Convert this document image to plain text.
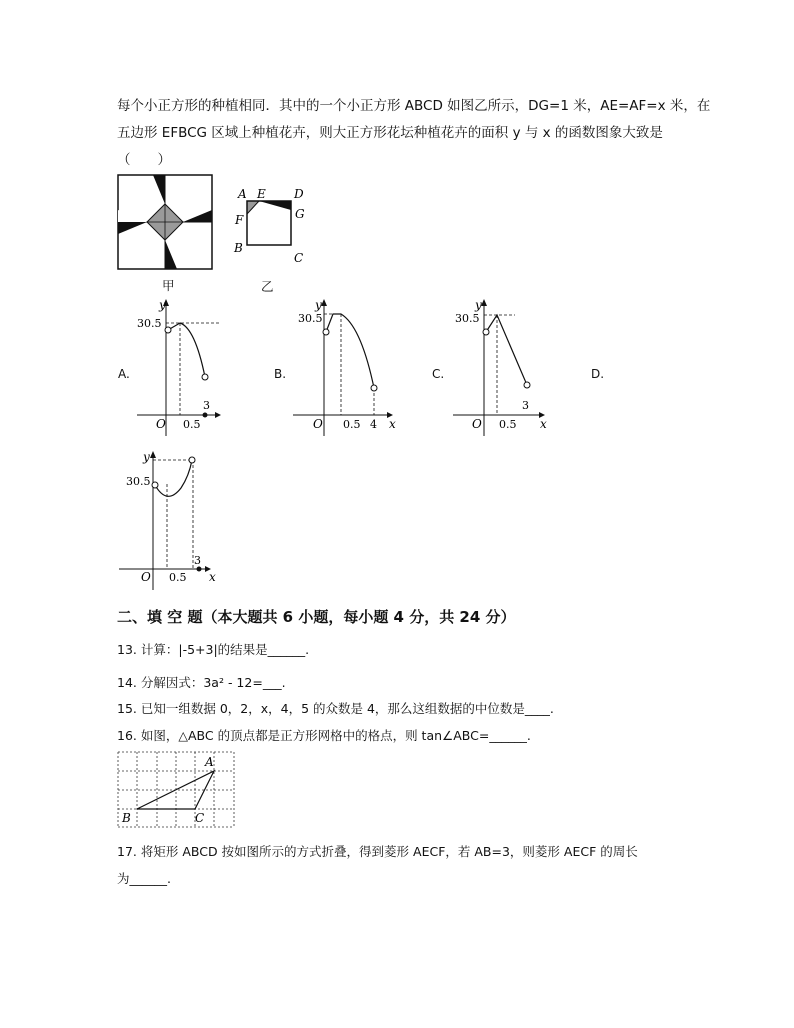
每个小正方形的种植相同．其中的一个小正方形 ABCD 如图乙所示，DG=1 米，AE=AF=x 米，在
五边形 EFBCG 区域上种植花卉，则大正方形花坛种植花卉的面积 y 与 x 的函数图象大致是
（　　）
甲
A E D
F	G
B
C
乙
A.	B.	C.	D.
y
30.5
O 0.5
3
y
30.5
O 0.5 4 x
y
30.5
O 0.5
3
x
y
30.5
O 0.5
3
x
二、填 空 题（本大题共 6 小题，每小题 4 分，共 24 分）
13. 计算：|-5+3|的结果是______.
14. 分解因式：3a² - 12=___.
15. 已知一组数据 0，2，x，4，5 的众数是 4，那么这组数据的中位数是____.
16. 如图，△ABC 的顶点都是正方形网格中的格点，则 tan∠ABC=______.
A
B	C
17. 将矩形 ABCD 按如图所示的方式折叠，得到菱形 AECF，若 AB=3，则菱形 AECF 的周长
为______.
